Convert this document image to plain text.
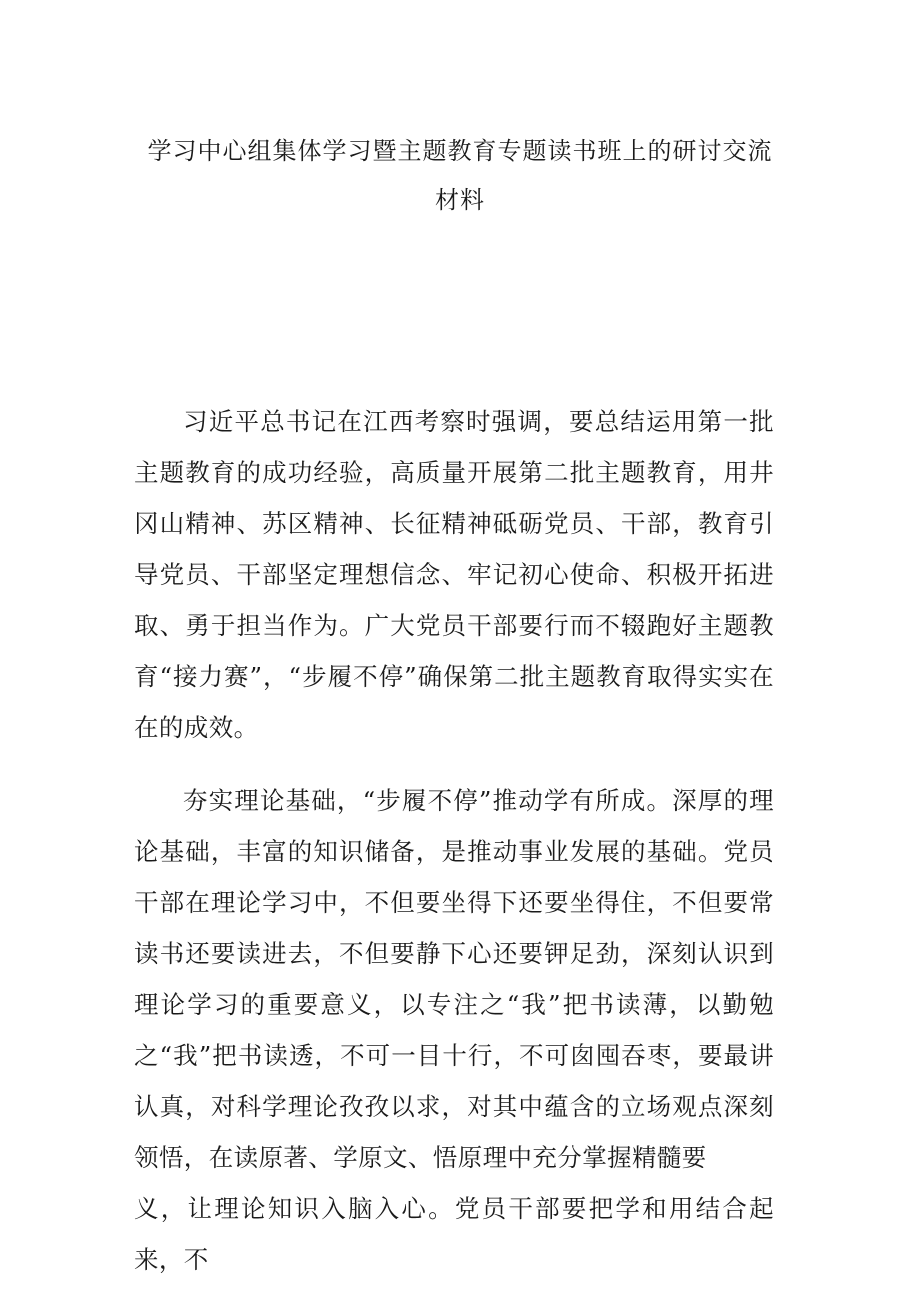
学习中心组集体学习暨主题教育专题读书班上的研讨交流
材料

习近平总书记在江西考察时强调，要总结运用第一批主题教育的成功经验，高质量开展第二批主题教育，用井冈山精神、苏区精神、长征精神砥砺党员、干部，教育引导党员、干部坚定理想信念、牢记初心使命、积极开拓进取、勇于担当作为。广大党员干部要行而不辍跑好主题教育“接力赛”，“步履不停”确保第二批主题教育取得实实在在的成效。

夯实理论基础，“步履不停”推动学有所成。深厚的理论基础，丰富的知识储备，是推动事业发展的基础。党员干部在理论学习中，不但要坐得下还要坐得住，不但要常读书还要读进去，不但要静下心还要钾足劲，深刻认识到理论学习的重要意义，以专注之“我”把书读薄，以勤勉之“我”把书读透，不可一目十行，不可囱囤吞枣，要最讲认真，对科学理论孜孜以求，对其中蕴含的立场观点深刻领悟，在读原著、学原文、悟原理中充分掌握精髓要

义，让理论知识入脑入心。党员干部要把学和用结合起来，不
